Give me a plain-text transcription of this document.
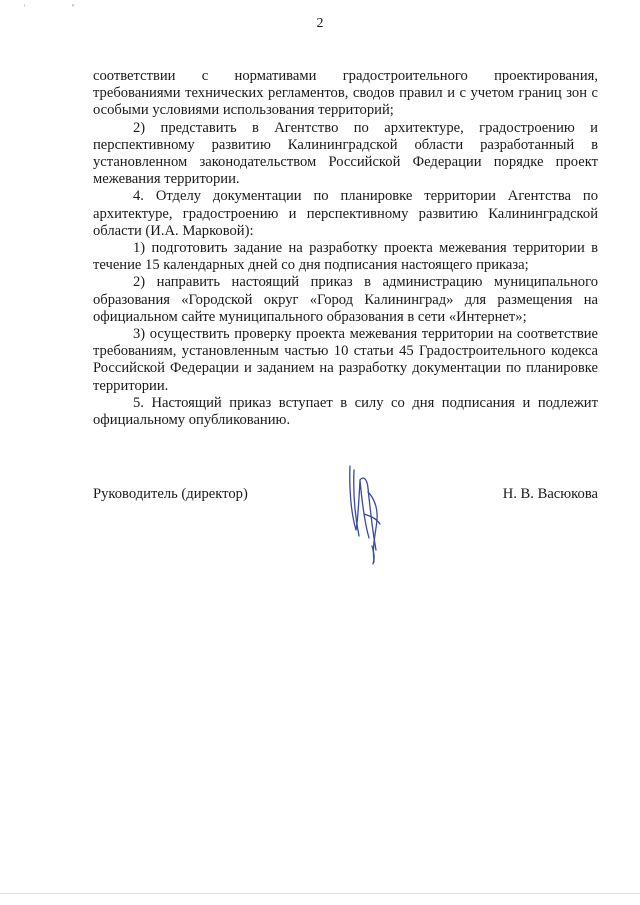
2
' "

соответствии с нормативами градостроительного проектирования, требованиями технических регламентов, сводов правил и с учетом границ зон с особыми условиями использования территорий;

2) представить в Агентство по архитектуре, градостроению и перспективному развитию Калининградской области разработанный в установленном законодательством Российской Федерации порядке проект межевания территории.

4. Отделу документации по планировке территории Агентства по архитектуре, градостроению и перспективному развитию Калининградской области (И.А. Марковой):

1) подготовить задание на разработку проекта межевания территории в течение 15 календарных дней со дня подписания настоящего приказа;

2) направить настоящий приказ в администрацию муниципального образования «Городской округ «Город Калининград» для размещения на официальном сайте муниципального образования в сети «Интернет»;

3) осуществить проверку проекта межевания территории на соответствие требованиям, установленным частью 10 статьи 45 Градостроительного кодекса Российской Федерации и заданием на разработку документации по планировке территории.

5. Настоящий приказ вступает в силу со дня подписания и подлежит официальному опубликованию.

Руководитель (директор)	Н. В. Васюкова
